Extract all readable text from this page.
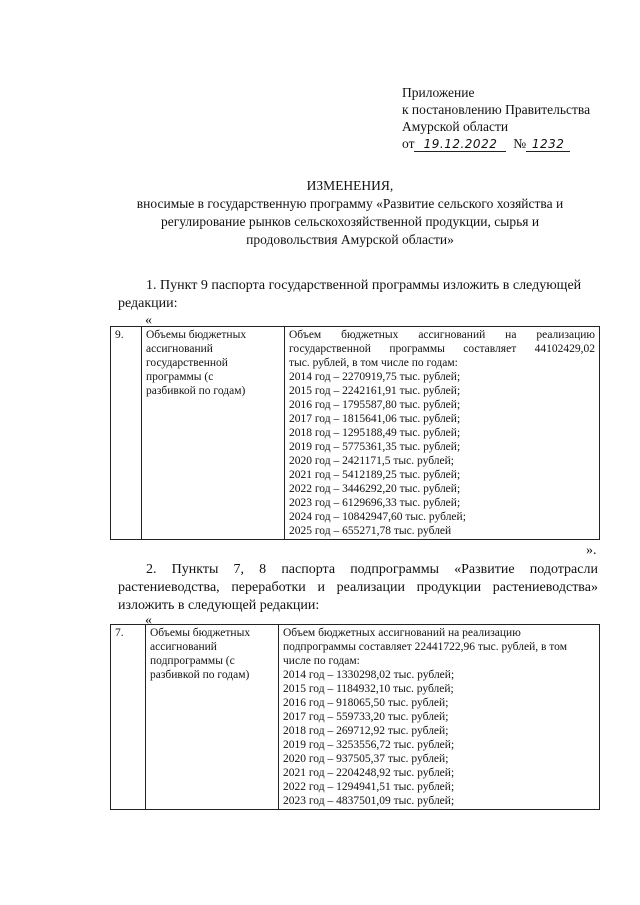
Приложение
к постановлению Правительства
Амурской области
от 19.12.2022 № 1232
ИЗМЕНЕНИЯ,
вносимые в государственную программу «Развитие сельского хозяйства и
регулирование рынков сельскохозяйственной продукции, сырья и
продовольствия Амурской области»
1. Пункт 9 паспорта государственной программы изложить в следующей
редакции:
«
9.	Объемы бюджетных
ассигнований
государственной
программы (с
разбивкой по годам)

Объем бюджетных ассигнований на реализацию
государственной программы составляет 44102429,02
тыс. рублей, в том числе по годам:
2014 год – 2270919,75 тыс. рублей;
2015 год – 2242161,91 тыс. рублей;
2016 год – 1795587,80 тыс. рублей;
2017 год – 1815641,06 тыс. рублей;
2018 год – 1295188,49 тыс. рублей;
2019 год – 5775361,35 тыс. рублей;
2020 год – 2421171,5 тыс. рублей;
2021 год – 5412189,25 тыс. рублей;
2022 год – 3446292,20 тыс. рублей;
2023 год – 6129696,33 тыс. рублей;
2024 год – 10842947,60 тыс. рублей;
2025 год – 655271,78 тыс. рублей
».
2. Пункты 7, 8 паспорта подпрограммы «Развитие подотрасли
растениеводства, переработки и реализации продукции растениеводства»
изложить в следующей редакции:
«
7.	Объемы бюджетных
ассигнований
подпрограммы (с
разбивкой по годам)

Объем бюджетных ассигнований на реализацию
подпрограммы составляет 22441722,96 тыс. рублей, в том
числе по годам:
2014 год – 1330298,02 тыс. рублей;
2015 год – 1184932,10 тыс. рублей;
2016 год – 918065,50 тыс. рублей;
2017 год – 559733,20 тыс. рублей;
2018 год – 269712,92 тыс. рублей;
2019 год – 3253556,72 тыс. рублей;
2020 год – 937505,37 тыс. рублей;
2021 год – 2204248,92 тыс. рублей;
2022 год – 1294941,51 тыс. рублей;
2023 год – 4837501,09 тыс. рублей;
